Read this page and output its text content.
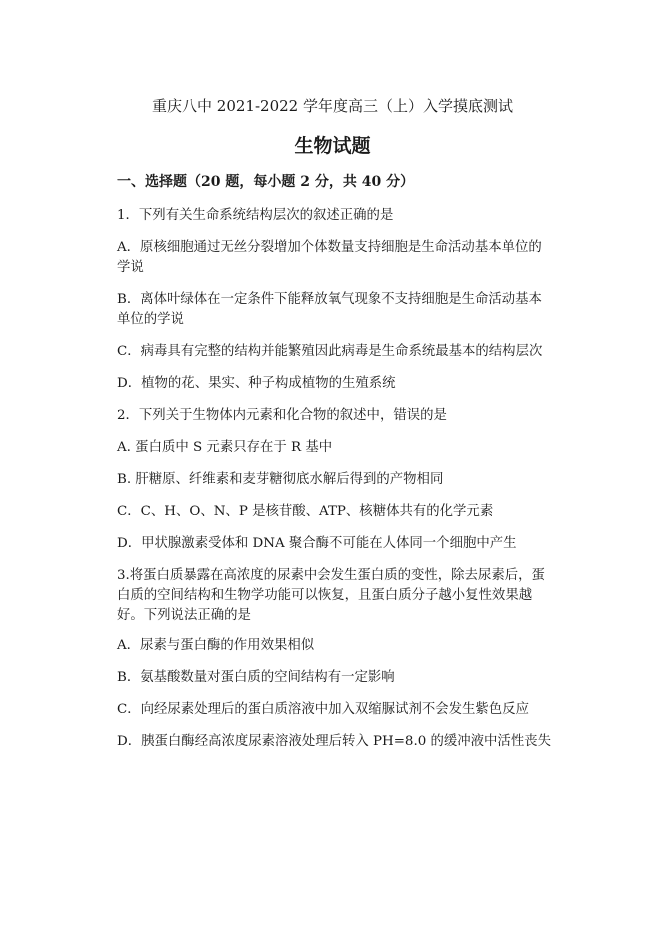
重庆八中 2021-2022 学年度高三（上）入学摸底测试
生物试题
一、选择题（20 题，每小题 2 分，共 40 分）

1．下列有关生命系统结构层次的叙述正确的是

A．原核细胞通过无丝分裂增加个体数量支持细胞是生命活动基本单位的学说

B．离体叶绿体在一定条件下能释放氧气现象不支持细胞是生命活动基本单位的学说

C．病毒具有完整的结构并能繁殖因此病毒是生命系统最基本的结构层次

D．植物的花、果实、种子构成植物的生殖系统

2．下列关于生物体内元素和化合物的叙述中，错误的是

A. 蛋白质中 S 元素只存在于 R 基中

B. 肝糖原、纤维素和麦芽糖彻底水解后得到的产物相同

C．C、H、O、N、P 是核苷酸、ATP、核糖体共有的化学元素

D．甲状腺激素受体和 DNA 聚合酶不可能在人体同一个细胞中产生

3.将蛋白质暴露在高浓度的尿素中会发生蛋白质的变性，除去尿素后，蛋白质的空间结构和生物学功能可以恢复，且蛋白质分子越小复性效果越好。下列说法正确的是

A．尿素与蛋白酶的作用效果相似

B．氨基酸数量对蛋白质的空间结构有一定影响

C．向经尿素处理后的蛋白质溶液中加入双缩脲试剂不会发生紫色反应

D．胰蛋白酶经高浓度尿素溶液处理后转入 PH=8.0 的缓冲液中活性丧失
